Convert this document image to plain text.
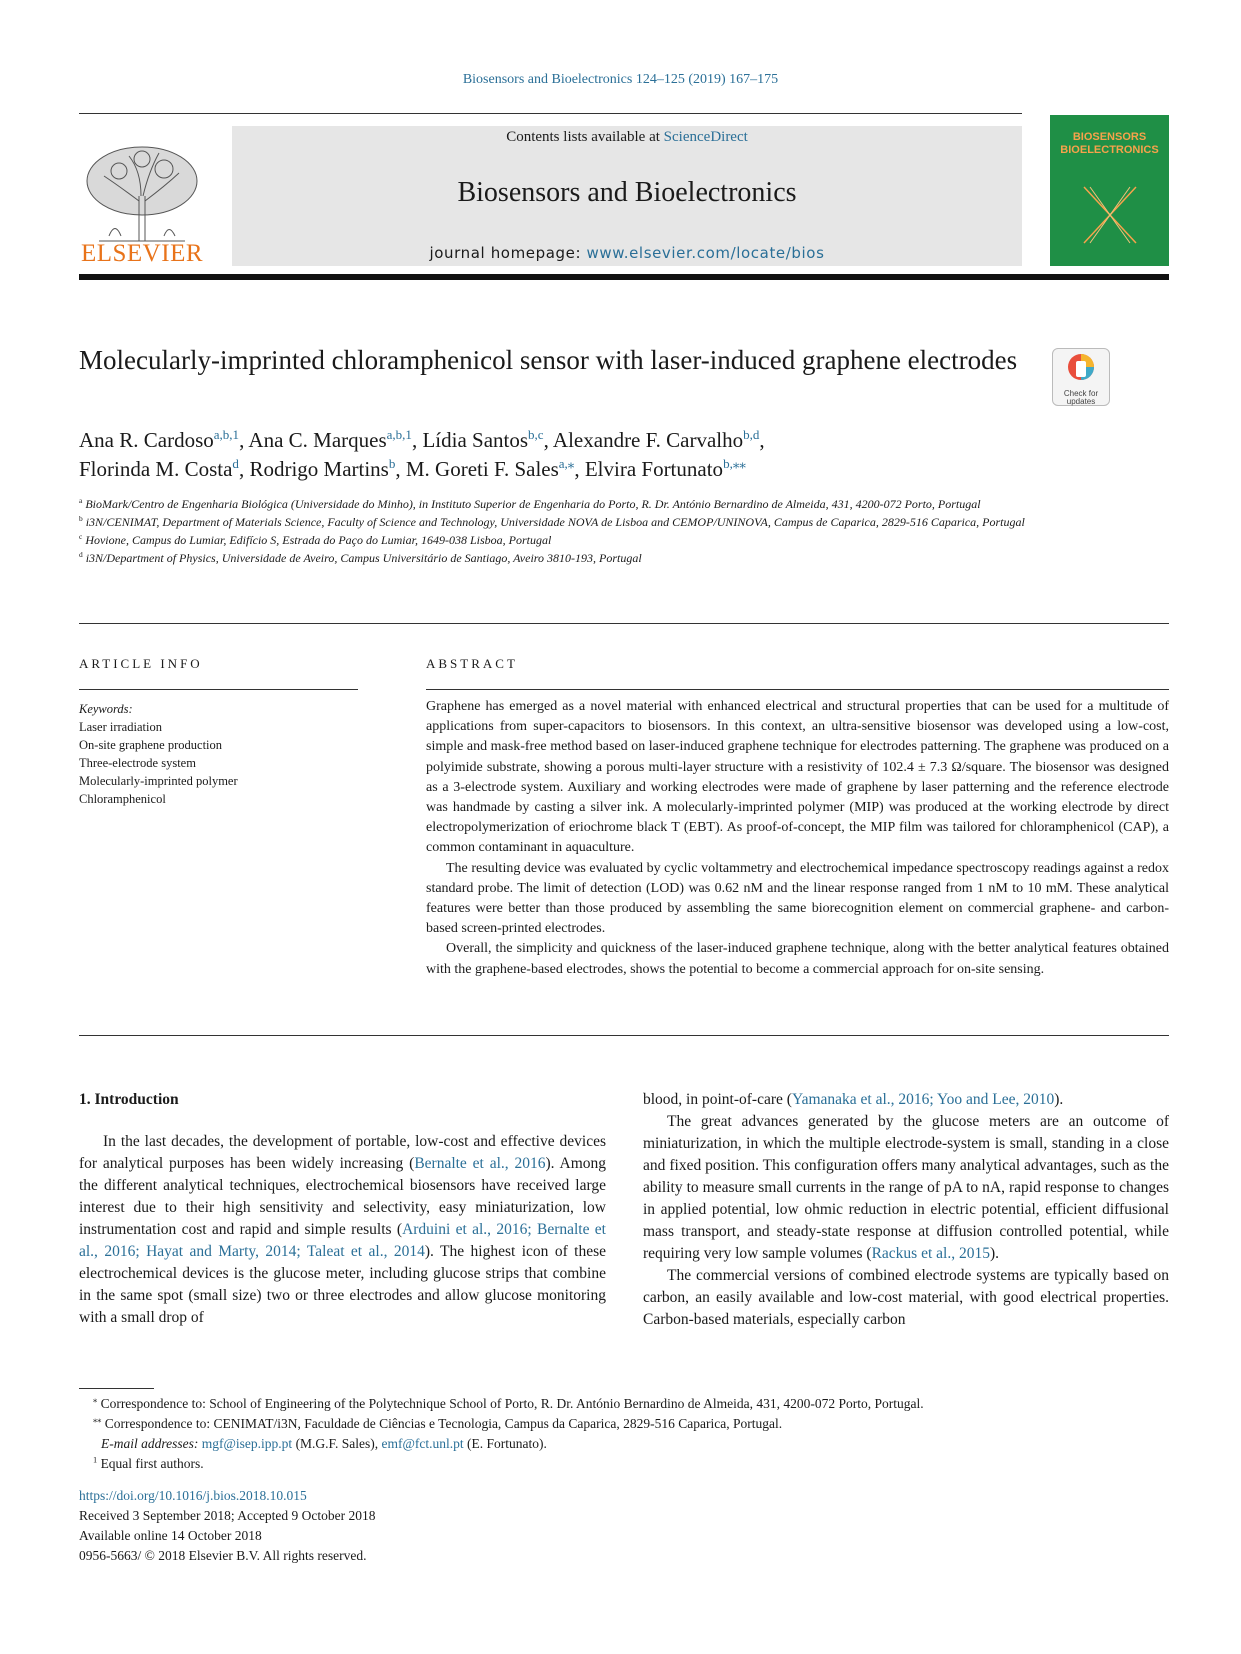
Biosensors and Bioelectronics 124–125 (2019) 167–175
ELSEVIER
Contents lists available at ScienceDirect
Biosensors and Bioelectronics
journal homepage: www.elsevier.com/locate/bios
BIOSENSORS
BIOELECTRONICS
Molecularly-imprinted chloramphenicol sensor with laser-induced graphene electrodes
Check for updates
Ana R. Cardoso$^{a,b,1}$, Ana C. Marques$^{a,b,1}$, Lídia Santos$^{b,c}$, Alexandre F. Carvalho$^{b,d}$,
Florinda M. Costa$^d$, Rodrigo Martins$^b$, M. Goreti F. Sales$^{a,⁎}$, Elvira Fortunato$^{b,⁎⁎}$
$^a$ BioMark/Centro de Engenharia Biológica (Universidade do Minho), in Instituto Superior de Engenharia do Porto, R. Dr. António Bernardino de Almeida, 431, 4200-072 Porto, Portugal
$^b$ i3N/CENIMAT, Department of Materials Science, Faculty of Science and Technology, Universidade NOVA de Lisboa and CEMOP/UNINOVA, Campus de Caparica, 2829-516 Caparica, Portugal
$^c$ Hovione, Campus do Lumiar, Edifício S, Estrada do Paço do Lumiar, 1649-038 Lisboa, Portugal
$^d$ i3N/Department of Physics, Universidade de Aveiro, Campus Universitário de Santiago, Aveiro 3810-193, Portugal
ARTICLE INFO
Keywords:
Laser irradiation
On-site graphene production
Three-electrode system
Molecularly-imprinted polymer
Chloramphenicol
ABSTRACT

Graphene has emerged as a novel material with enhanced electrical and structural properties that can be used for a multitude of applications from super-capacitors to biosensors. In this context, an ultra-sensitive biosensor was developed using a low-cost, simple and mask-free method based on laser-induced graphene technique for electrodes patterning. The graphene was produced on a polyimide substrate, showing a porous multi-layer structure with a resistivity of 102.4 ± 7.3 Ω/square. The biosensor was designed as a 3-electrode system. Auxiliary and working electrodes were made of graphene by laser patterning and the reference electrode was handmade by casting a silver ink. A molecularly-imprinted polymer (MIP) was produced at the working electrode by direct electropolymerization of eriochrome black T (EBT). As proof-of-concept, the MIP film was tailored for chloramphenicol (CAP), a common contaminant in aquaculture.

The resulting device was evaluated by cyclic voltammetry and electrochemical impedance spectroscopy readings against a redox standard probe. The limit of detection (LOD) was 0.62 nM and the linear response ranged from 1 nM to 10 mM. These analytical features were better than those produced by assembling the same biorecognition element on commercial graphene- and carbon-based screen-printed electrodes.

Overall, the simplicity and quickness of the laser-induced graphene technique, along with the better analytical features obtained with the graphene-based electrodes, shows the potential to become a commercial approach for on-site sensing.

1. Introduction

In the last decades, the development of portable, low-cost and effective devices for analytical purposes has been widely increasing (Bernalte et al., 2016). Among the different analytical techniques, electrochemical biosensors have received large interest due to their high sensitivity and selectivity, easy miniaturization, low instrumentation cost and rapid and simple results (Arduini et al., 2016; Bernalte et al., 2016; Hayat and Marty, 2014; Taleat et al., 2014). The highest icon of these electrochemical devices is the glucose meter, including glucose strips that combine in the same spot (small size) two or three electrodes and allow glucose monitoring with a small drop of

blood, in point-of-care (Yamanaka et al., 2016; Yoo and Lee, 2010).

The great advances generated by the glucose meters are an outcome of miniaturization, in which the multiple electrode-system is small, standing in a close and fixed position. This configuration offers many analytical advantages, such as the ability to measure small currents in the range of pA to nA, rapid response to changes in applied potential, low ohmic reduction in electric potential, efficient diffusional mass transport, and steady-state response at diffusion controlled potential, while requiring very low sample volumes (Rackus et al., 2015).

The commercial versions of combined electrode systems are typically based on carbon, an easily available and low-cost material, with good electrical properties. Carbon-based materials, especially carbon

⁎ Correspondence to: School of Engineering of the Polytechnique School of Porto, R. Dr. António Bernardino de Almeida, 431, 4200-072 Porto, Portugal.
⁎⁎ Correspondence to: CENIMAT/i3N, Faculdade de Ciências e Tecnologia, Campus da Caparica, 2829-516 Caparica, Portugal.
E-mail addresses: mgf@isep.ipp.pt (M.G.F. Sales), emf@fct.unl.pt (E. Fortunato).
$^1$ Equal first authors.
https://doi.org/10.1016/j.bios.2018.10.015
Received 3 September 2018; Accepted 9 October 2018
Available online 14 October 2018
0956-5663/ © 2018 Elsevier B.V. All rights reserved.
